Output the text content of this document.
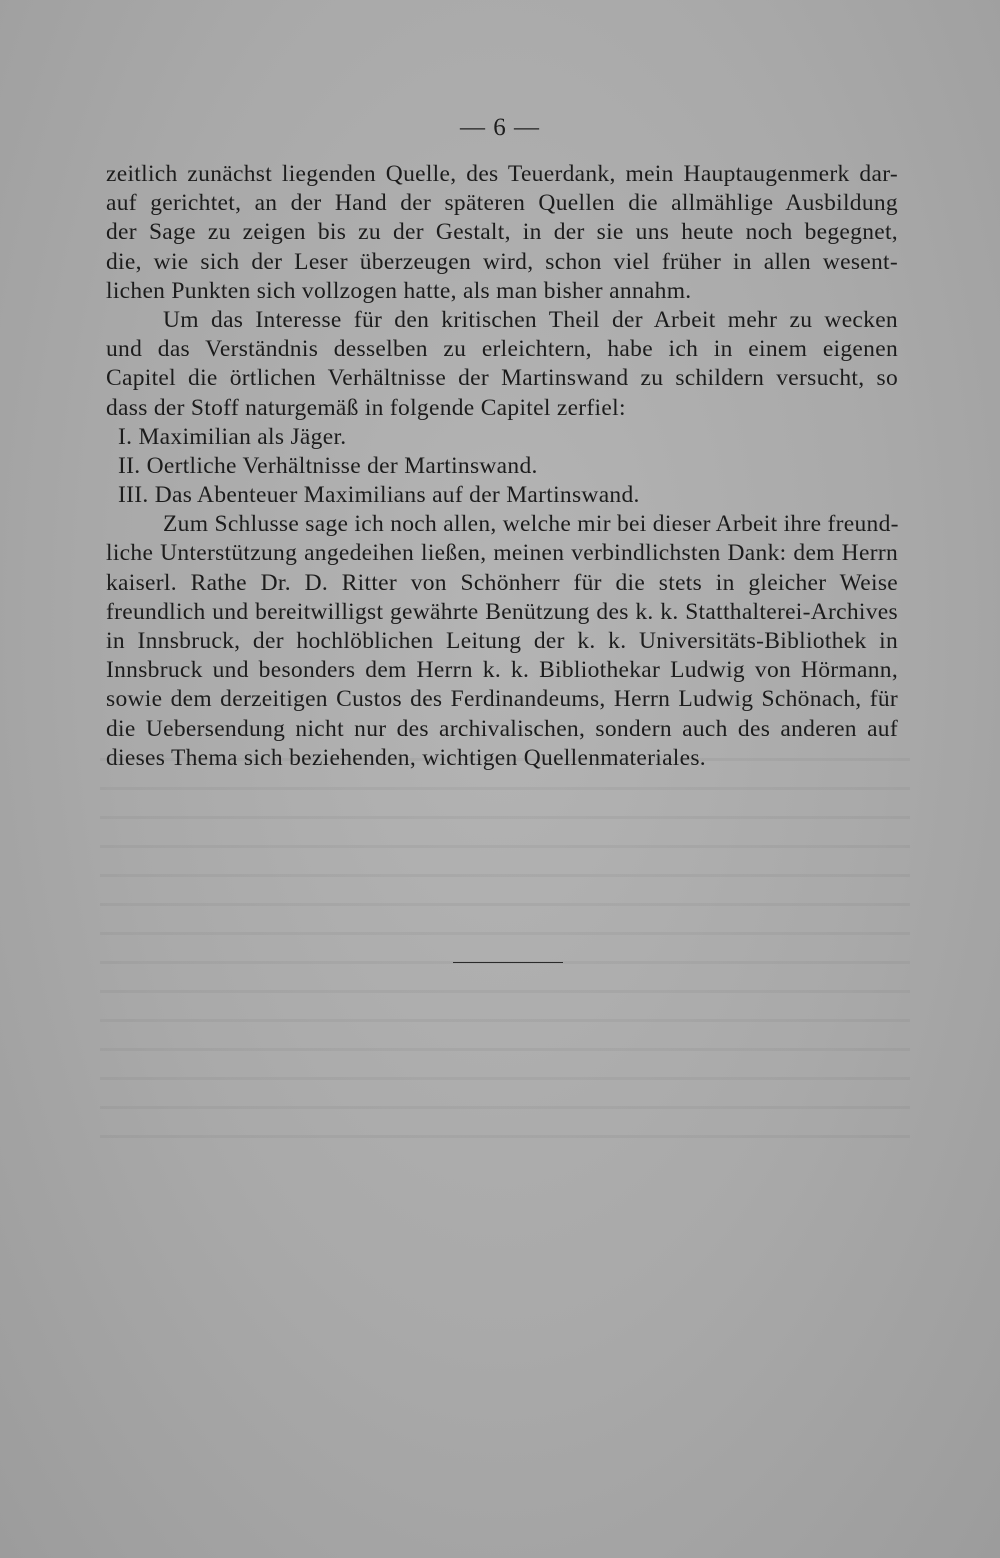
— 6 —
zeitlich zunächst liegenden Quelle, des Teuerdank, mein Hauptaugenmerk dar-
auf gerichtet, an der Hand der späteren Quellen die allmählige Ausbildung
der Sage zu zeigen bis zu der Gestalt, in der sie uns heute noch begegnet,
die, wie sich der Leser überzeugen wird, schon viel früher in allen wesent-
lichen Punkten sich vollzogen hatte, als man bisher annahm.
Um das Interesse für den kritischen Theil der Arbeit mehr zu wecken
und das Verständnis desselben zu erleichtern, habe ich in einem eigenen
Capitel die örtlichen Verhältnisse der Martinswand zu schildern versucht, so
dass der Stoff naturgemäß in folgende Capitel zerfiel:
I. Maximilian als Jäger.
II. Oertliche Verhältnisse der Martinswand.
III. Das Abenteuer Maximilians auf der Martinswand.
Zum Schlusse sage ich noch allen, welche mir bei dieser Arbeit ihre freund-
liche Unterstützung angedeihen ließen, meinen verbindlichsten Dank: dem Herrn
kaiserl. Rathe Dr. D. Ritter von Schönherr für die stets in gleicher Weise
freundlich und bereitwilligst gewährte Benützung des k. k. Statthalterei-Archives
in Innsbruck, der hochlöblichen Leitung der k. k. Universitäts-Bibliothek in
Innsbruck und besonders dem Herrn k. k. Bibliothekar Ludwig von Hörmann,
sowie dem derzeitigen Custos des Ferdinandeums, Herrn Ludwig Schönach, für
die Uebersendung nicht nur des archivalischen, sondern auch des anderen auf
dieses Thema sich beziehenden, wichtigen Quellenmateriales.
